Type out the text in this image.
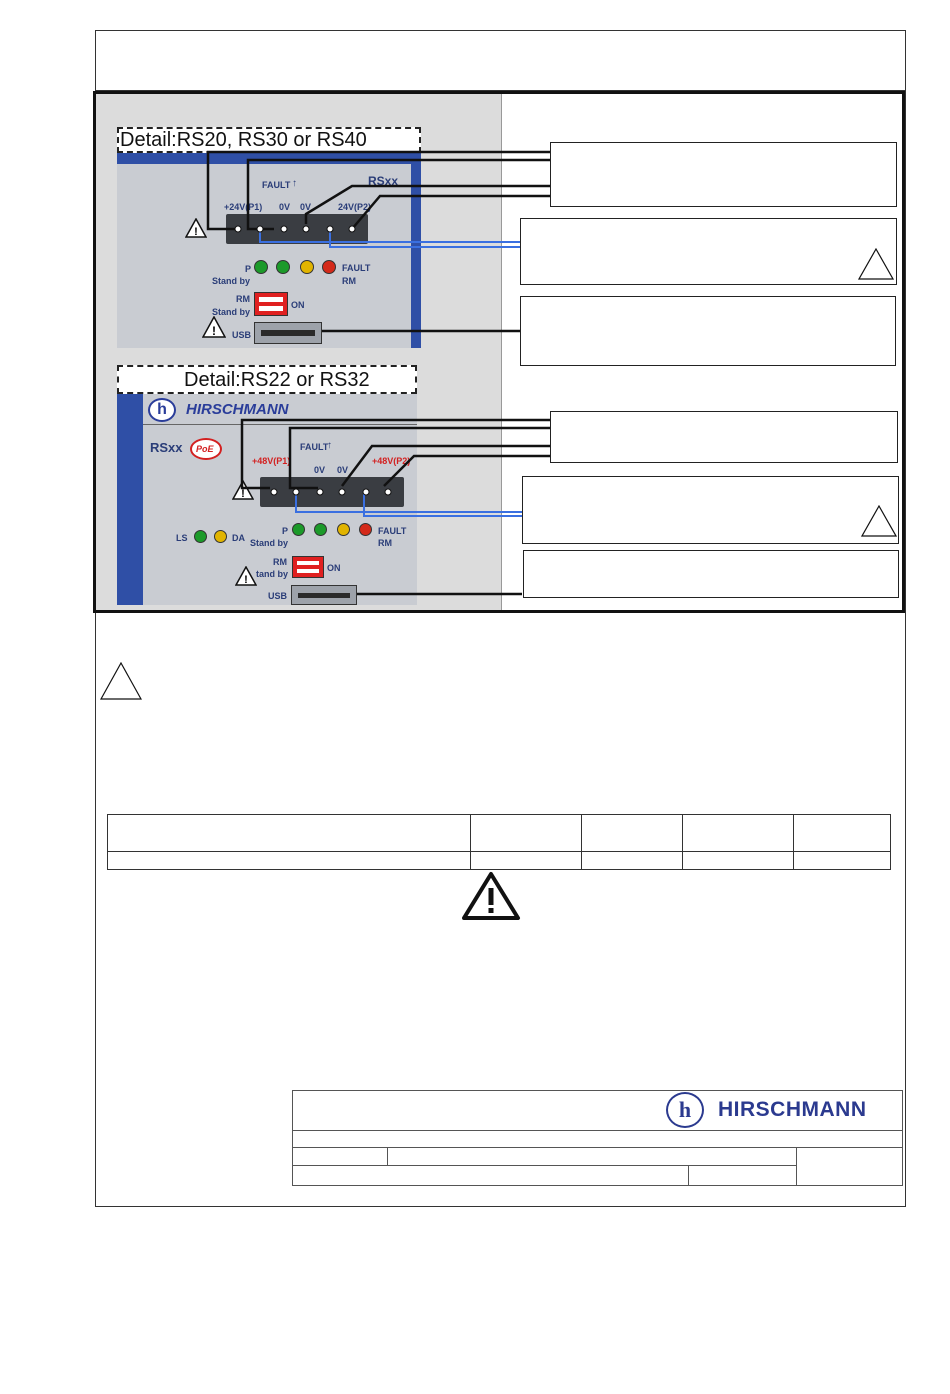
Detail:RS20, RS30 or RS40
RSxx
+24V(P1)
FAULT ↑
0V 0V	24V(P2)
P
Stand by
FAULT
RM
RM
Stand by
ON
USB
!
!
Detail:RS22 or RS32
h	HIRSCHMANN
RSxx PoE
+48V(P1)
FAULT
↑
0V 0V
+48V(P2)
LS	DA
P
Stand by
FAULT
RM
RM
tand by
ON
USB
!
!

h	HIRSCHMANN
